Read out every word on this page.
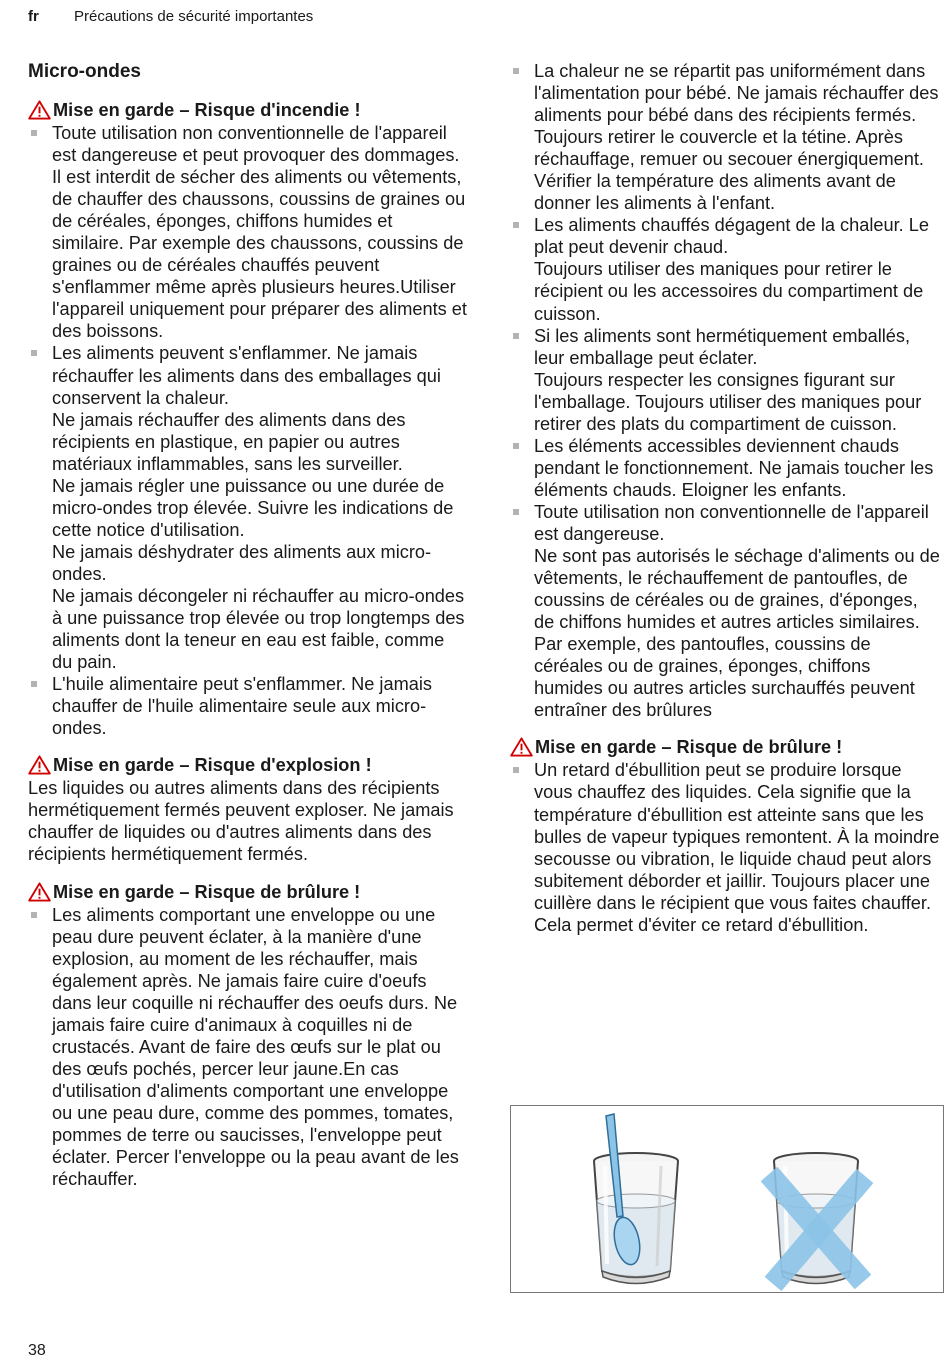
fr Précautions de sécurité importantes
Micro-ondes
Mise en garde – Risque d'incendie !
Toute utilisation non conventionnelle de l'appareil est dangereuse et peut provoquer des dommages.
Il est interdit de sécher des aliments ou vêtements, de chauffer des chaussons, coussins de graines ou de céréales, éponges, chiffons humides et similaire. Par exemple des chaussons, coussins de graines ou de céréales chauffés peuvent s'enflammer même après plusieurs heures.Utiliser l'appareil uniquement pour préparer des aliments et des boissons.
Les aliments peuvent s'enflammer. Ne jamais réchauffer les aliments dans des emballages qui conservent la chaleur.
Ne jamais réchauffer des aliments dans des récipients en plastique, en papier ou autres matériaux inflammables, sans les surveiller.
Ne jamais régler une puissance ou une durée de micro-ondes trop élevée. Suivre les indications de cette notice d'utilisation.
Ne jamais déshydrater des aliments aux micro-ondes.
Ne jamais décongeler ni réchauffer au micro-ondes à une puissance trop élevée ou trop longtemps des aliments dont la teneur en eau est faible, comme du pain.
L'huile alimentaire peut s'enflammer. Ne jamais chauffer de l'huile alimentaire seule aux micro-ondes.
Mise en garde – Risque d'explosion !

Les liquides ou autres aliments dans des récipients hermétiquement fermés peuvent exploser. Ne jamais chauffer de liquides ou d'autres aliments dans des récipients hermétiquement fermés.

Mise en garde – Risque de brûlure !
Les aliments comportant une enveloppe ou une peau dure peuvent éclater, à la manière d'une explosion, au moment de les réchauffer, mais également après. Ne jamais faire cuire d'oeufs dans leur coquille ni réchauffer des oeufs durs. Ne jamais faire cuire d'animaux à coquilles ni de crustacés. Avant de faire des œufs sur le plat ou des œufs pochés, percer leur jaune.En cas d'utilisation d'aliments comportant une enveloppe ou une peau dure, comme des pommes, tomates, pommes de terre ou saucisses, l'enveloppe peut éclater. Percer l'enveloppe ou la peau avant de les réchauffer.
La chaleur ne se répartit pas uniformément dans l'alimentation pour bébé. Ne jamais réchauffer des aliments pour bébé dans des récipients fermés. Toujours retirer le couvercle et la tétine. Après réchauffage, remuer ou secouer énergiquement. Vérifier la température des aliments avant de donner les aliments à l'enfant.
Les aliments chauffés dégagent de la chaleur. Le plat peut devenir chaud.
Toujours utiliser des maniques pour retirer le récipient ou les accessoires du compartiment de cuisson.
Si les aliments sont hermétiquement emballés, leur emballage peut éclater.
Toujours respecter les consignes figurant sur l'emballage. Toujours utiliser des maniques pour retirer des plats du compartiment de cuisson.
Les éléments accessibles deviennent chauds pendant le fonctionnement. Ne jamais toucher les éléments chauds. Eloigner les enfants.
Toute utilisation non conventionnelle de l'appareil est dangereuse.
Ne sont pas autorisés le séchage d'aliments ou de vêtements, le réchauffement de pantoufles, de coussins de céréales ou de graines, d'éponges, de chiffons humides et autres articles similaires.
Par exemple, des pantoufles, coussins de céréales ou de graines, éponges, chiffons humides ou autres articles surchauffés peuvent entraîner des brûlures
Mise en garde – Risque de brûlure !
Un retard d'ébullition peut se produire lorsque vous chauffez des liquides. Cela signifie que la température d'ébullition est atteinte sans que les bulles de vapeur typiques remontent. À la moindre secousse ou vibration, le liquide chaud peut alors subitement déborder et jaillir. Toujours placer une cuillère dans le récipient que vous faites chauffer. Cela permet d'éviter ce retard d'ébullition.
38
